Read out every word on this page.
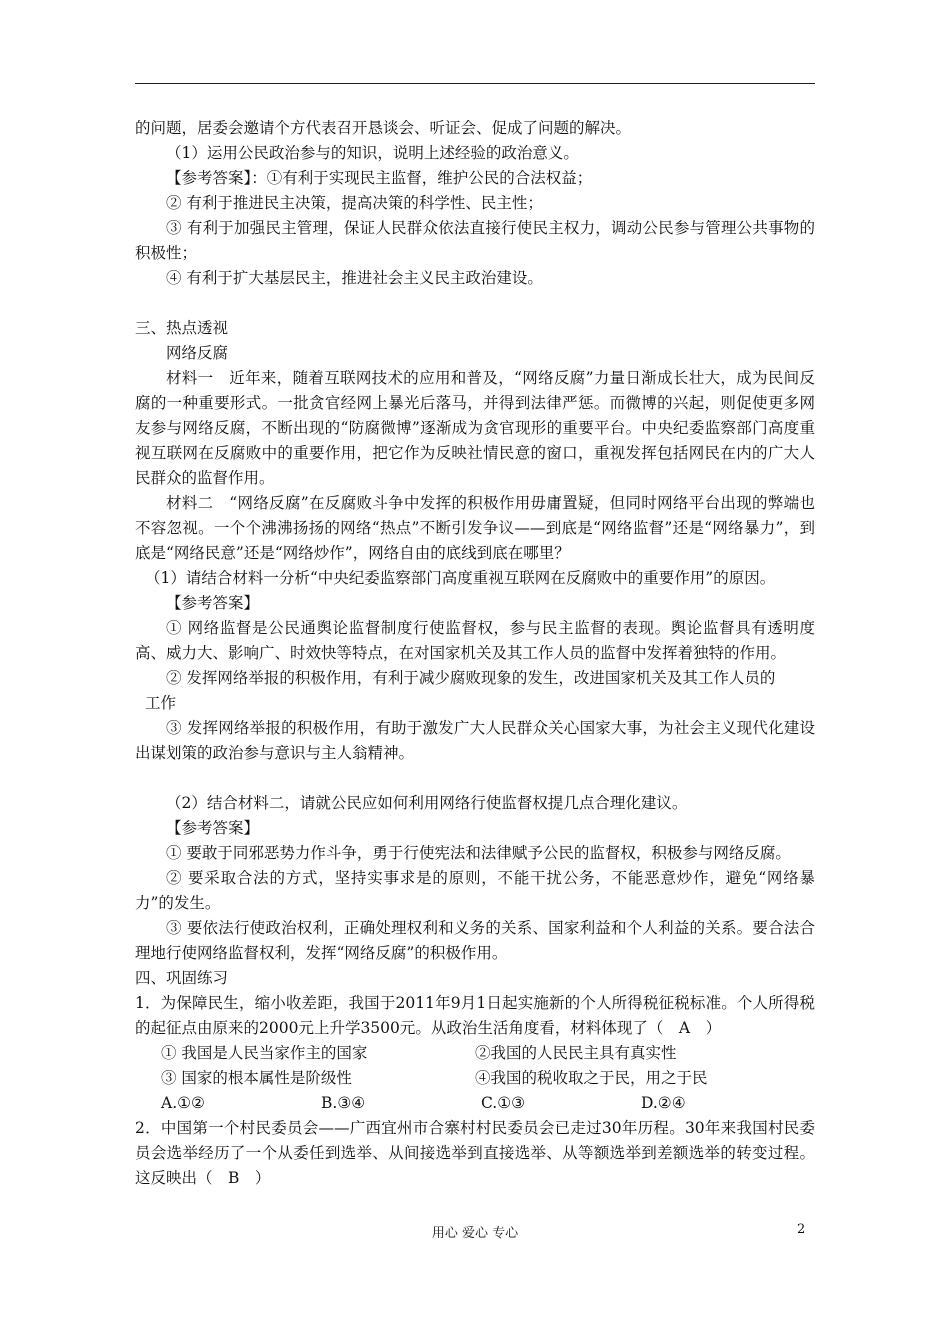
的问题，居委会邀请个方代表召开恳谈会、听证会、促成了问题的解决。

（1）运用公民政治参与的知识，说明上述经验的政治意义。

【参考答案】：①有利于实现民主监督，维护公民的合法权益；

② 有利于推进民主决策，提高决策的科学性、民主性；

③ 有利于加强民主管理，保证人民群众依法直接行使民主权力，调动公民参与管理公共事物的积极性；

④ 有利于扩大基层民主，推进社会主义民主政治建设。

三、热点透视

网络反腐

材料一　近年来，随着互联网技术的应用和普及，“网络反腐”力量日渐成长壮大，成为民间反腐的一种重要形式。一批贪官经网上暴光后落马，并得到法律严惩。而微博的兴起，则促使更多网友参与网络反腐，不断出现的“防腐微博”逐渐成为贪官现形的重要平台。中央纪委监察部门高度重视互联网在反腐败中的重要作用，把它作为反映社情民意的窗口，重视发挥包括网民在内的广大人民群众的监督作用。

材料二　“网络反腐”在反腐败斗争中发挥的积极作用毋庸置疑，但同时网络平台出现的弊端也不容忽视。一个个沸沸扬扬的网络“热点”不断引发争议——到底是“网络监督”还是“网络暴力”，到底是“网络民意”还是“网络炒作”，网络自由的底线到底在哪里？

（1）请结合材料一分析“中央纪委监察部门高度重视互联网在反腐败中的重要作用”的原因。

【参考答案】

① 网络监督是公民通舆论监督制度行使监督权，参与民主监督的表现。舆论监督具有透明度高、威力大、影响广、时效快等特点，在对国家机关及其工作人员的监督中发挥着独特的作用。

② 发挥网络举报的积极作用，有利于减少腐败现象的发生，改进国家机关及其工作人员的

工作

③ 发挥网络举报的积极作用，有助于激发广大人民群众关心国家大事，为社会主义现代化建设出谋划策的政治参与意识与主人翁精神。

（2）结合材料二，请就公民应如何利用网络行使监督权提几点合理化建议。

【参考答案】

① 要敢于同邪恶势力作斗争，勇于行使宪法和法律赋予公民的监督权，积极参与网络反腐。

② 要采取合法的方式，坚持实事求是的原则，不能干扰公务，不能恶意炒作，避免“网络暴力”的发生。

③ 要依法行使政治权利，正确处理权利和义务的关系、国家利益和个人利益的关系。要合法合理地行使网络监督权利，发挥“网络反腐”的积极作用。

四、巩固练习

1．为保障民生，缩小收差距，我国于2011年9月1日起实施新的个人所得税征税标准。个人所得税的起征点由原来的2000元上升学3500元。从政治生活角度看，材料体现了（　A　）

① 我国是人民当家作主的国家	②我国的人民民主具有真实性
③ 国家的根本属性是阶级性	④我国的税收取之于民，用之于民
A.①②	B.③④	C.①③	D.②④

2．中国第一个村民委员会——广西宜州市合寨村村民委员会已走过30年历程。30年来我国村民委员会选举经历了一个从委任到选举、从间接选举到直接选举、从等额选举到差额选举的转变过程。这反映出（　B　）

用心 爱心 专心	2
